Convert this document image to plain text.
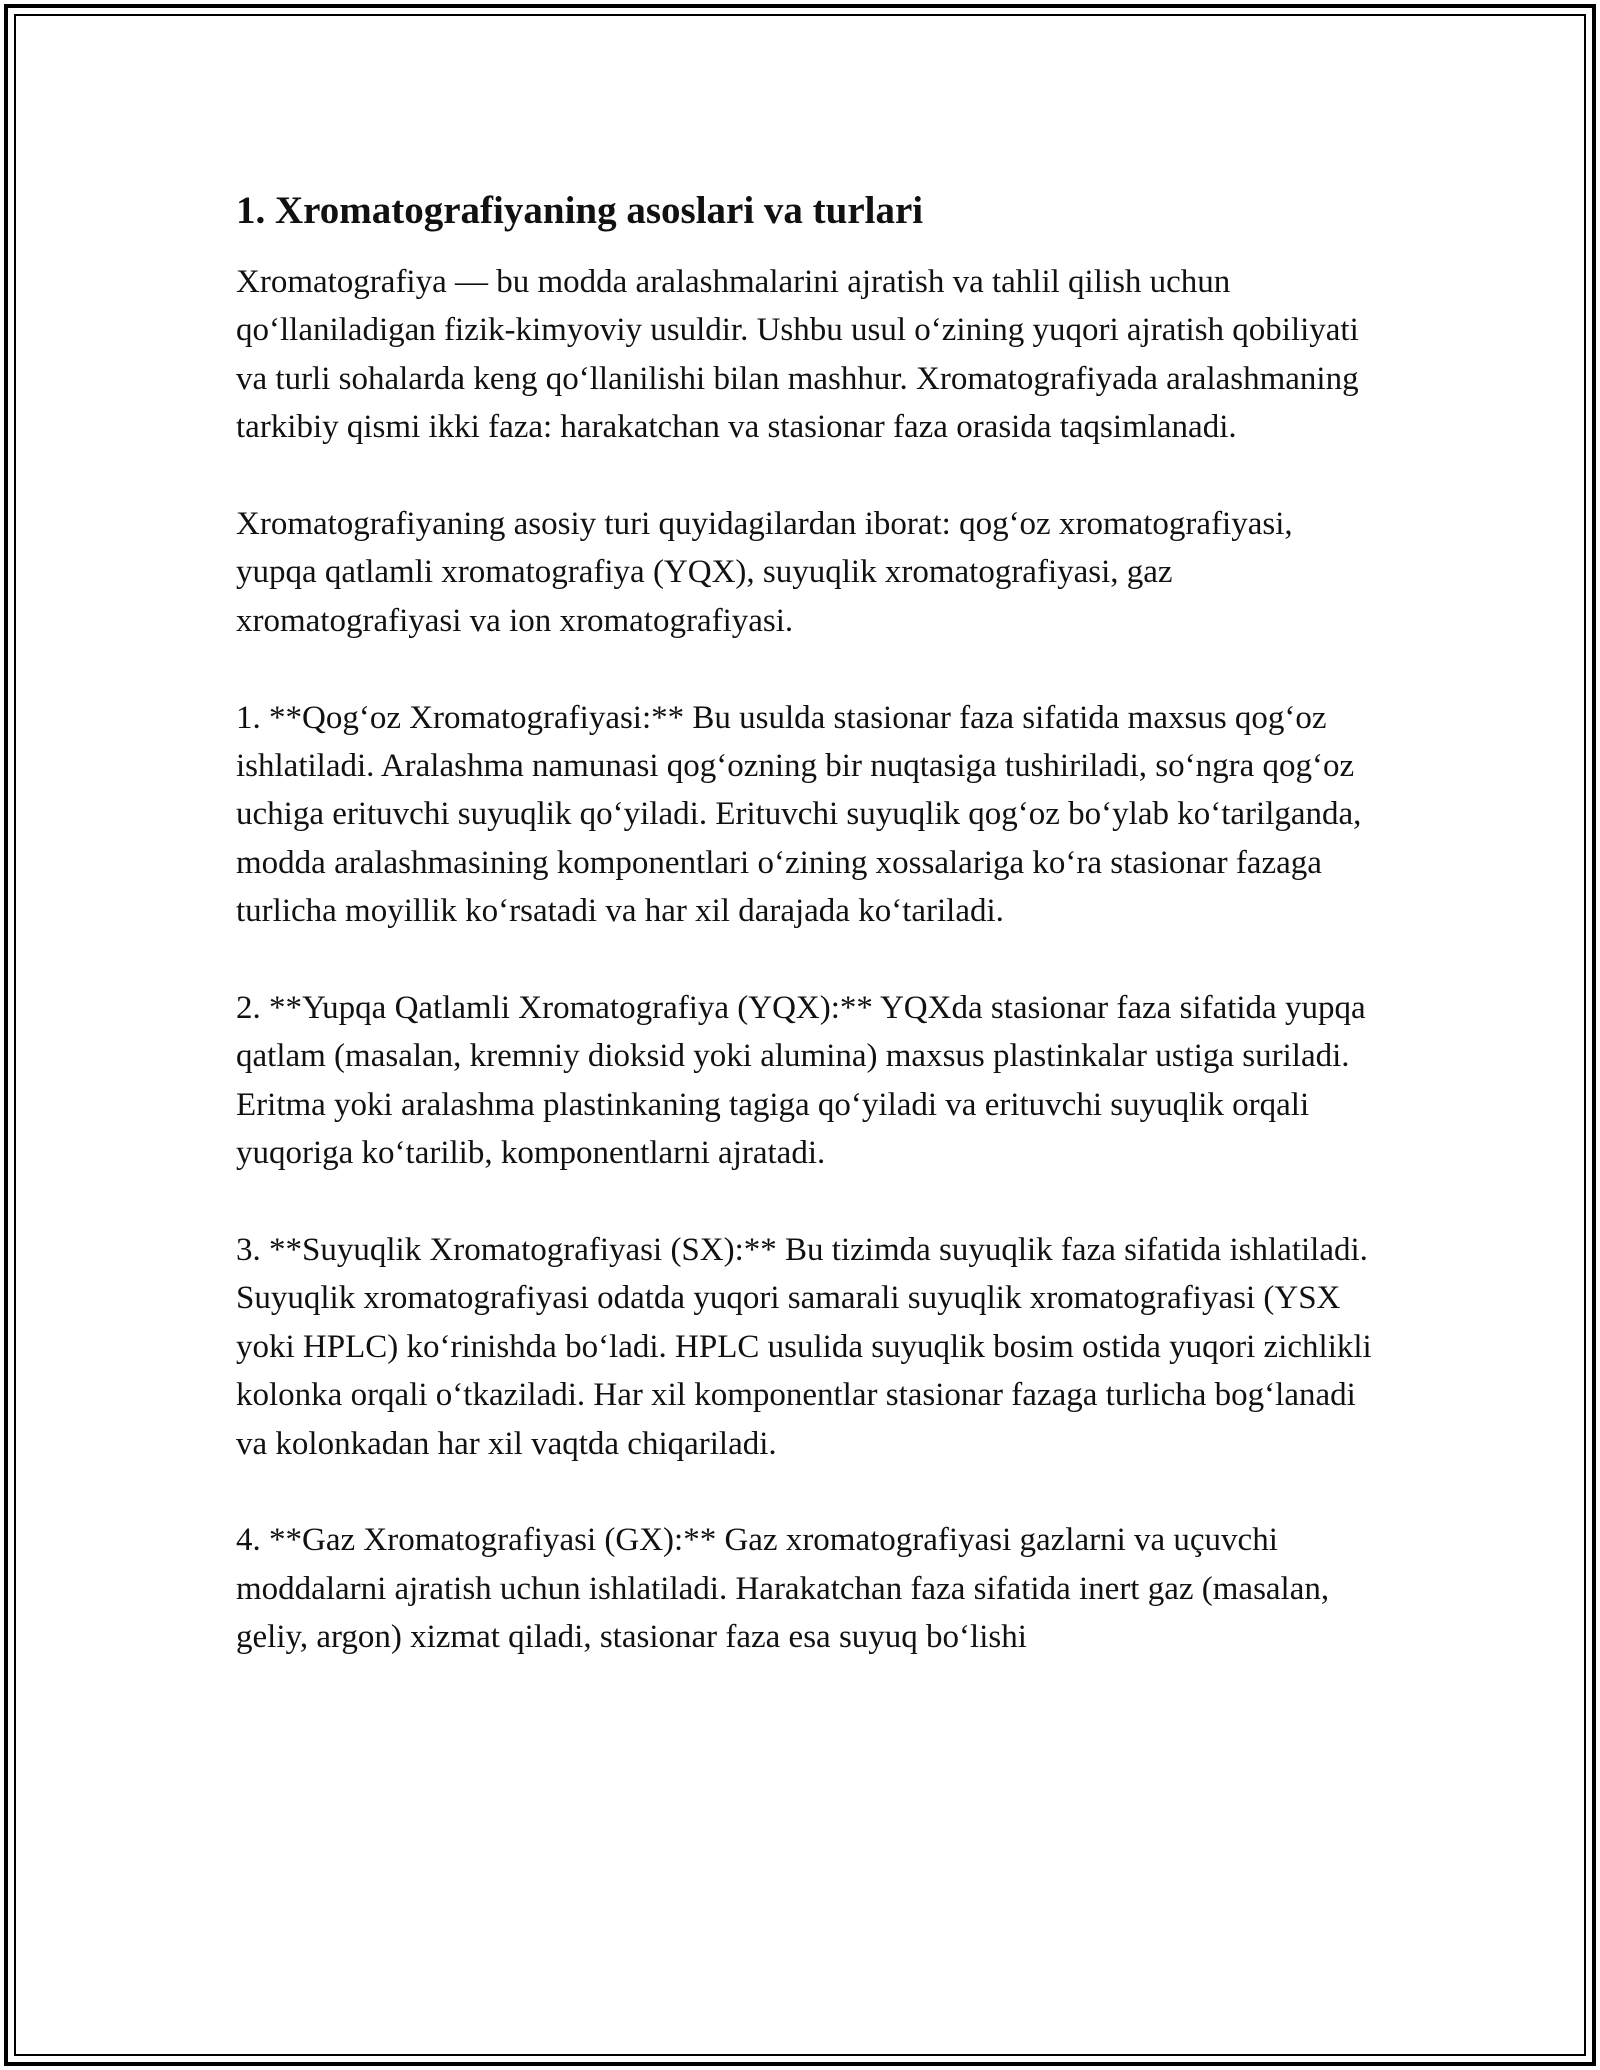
1. Xromatografiyaning asoslari va turlari

Xromatografiya — bu modda aralashmalarini ajratish va tahlil qilish uchun qo‘llaniladigan fizik-kimyoviy usuldir. Ushbu usul o‘zining yuqori ajratish qobiliyati va turli sohalarda keng qo‘llanilishi bilan mashhur. Xromatografiyada aralashmaning tarkibiy qismi ikki faza: harakatchan va stasionar faza orasida taqsimlanadi.

Xromatografiyaning asosiy turi quyidagilardan iborat: qog‘oz xromatografiyasi, yupqa qatlamli xromatografiya (YQX), suyuqlik xromatografiyasi, gaz xromatografiyasi va ion xromatografiyasi.

1. **Qog‘oz Xromatografiyasi:** Bu usulda stasionar faza sifatida maxsus qog‘oz ishlatiladi. Aralashma namunasi qog‘ozning bir nuqtasiga tushiriladi, so‘ngra qog‘oz uchiga erituvchi suyuqlik qo‘yiladi. Erituvchi suyuqlik qog‘oz bo‘ylab ko‘tarilganda, modda aralashmasining komponentlari o‘zining xossalariga ko‘ra stasionar fazaga turlicha moyillik ko‘rsatadi va har xil darajada ko‘tariladi.

2. **Yupqa Qatlamli Xromatografiya (YQX):** YQXda stasionar faza sifatida yupqa qatlam (masalan, kremniy dioksid yoki alumina) maxsus plastinkalar ustiga suriladi. Eritma yoki aralashma plastinkaning tagiga qo‘yiladi va erituvchi suyuqlik orqali yuqoriga ko‘tarilib, komponentlarni ajratadi.

3. **Suyuqlik Xromatografiyasi (SX):** Bu tizimda suyuqlik faza sifatida ishlatiladi. Suyuqlik xromatografiyasi odatda yuqori samarali suyuqlik xromatografiyasi (YSX yoki HPLC) ko‘rinishda bo‘ladi. HPLC usulida suyuqlik bosim ostida yuqori zichlikli kolonka orqali o‘tkaziladi. Har xil komponentlar stasionar fazaga turlicha bog‘lanadi va kolonkadan har xil vaqtda chiqariladi.

4. **Gaz Xromatografiyasi (GX):** Gaz xromatografiyasi gazlarni va uçuvchi moddalarni ajratish uchun ishlatiladi. Harakatchan faza sifatida inert gaz (masalan, geliy, argon) xizmat qiladi, stasionar faza esa suyuq bo‘lishi
